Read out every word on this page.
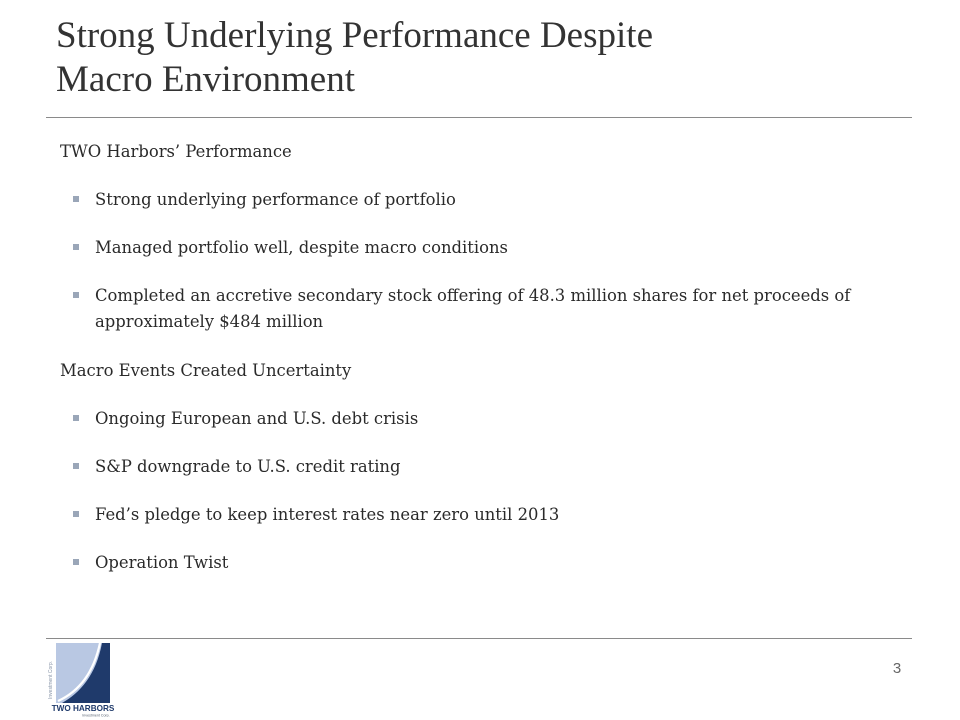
Strong Underlying Performance Despite
Macro Environment
TWO Harbors’ Performance
Strong underlying performance of portfolio
Managed portfolio well, despite macro conditions
Completed an accretive secondary stock offering of 48.3 million shares for net proceeds of approximately $484 million
Macro Events Created Uncertainty
Ongoing European and U.S. debt crisis
S&P downgrade to U.S. credit rating
Fed’s pledge to keep interest rates near zero until 2013
Operation Twist
Investment Corp.
TWO HARBORS
Investment Corp.
3
